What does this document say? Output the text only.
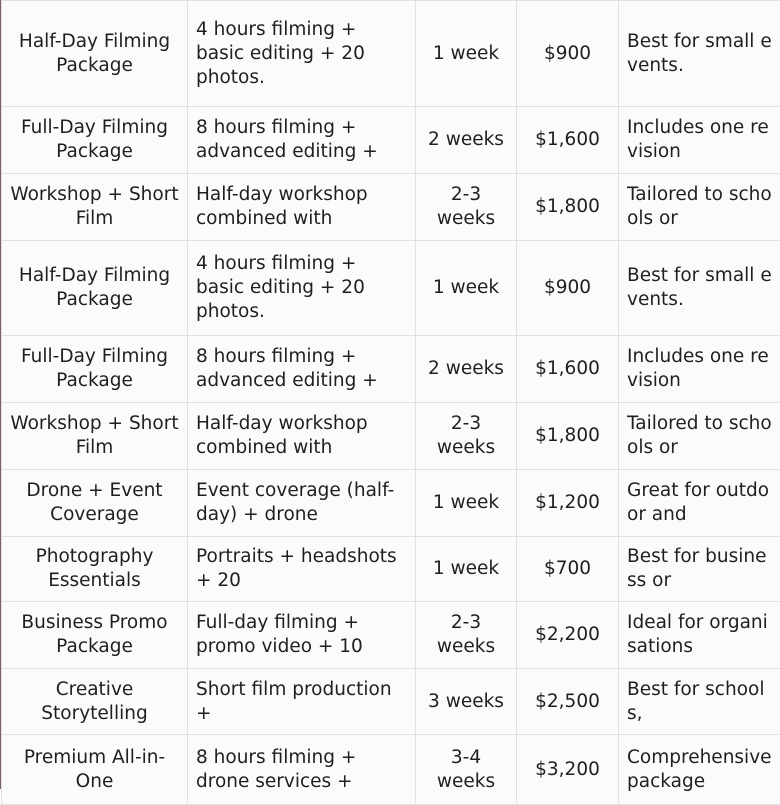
Half-Day Filming Package	4 hours filming + basic editing + 20 photos.	1 week	$900	Best for small events.

Full-Day Filming Package	8 hours filming + advanced editing +	2 weeks	$1,600	Includes one revision

Workshop + Short Film	Half-day workshop combined with	2-3 weeks	$1,800	Tailored to schools or

Half-Day Filming Package	4 hours filming + basic editing + 20 photos.	1 week	$900	Best for small events.

Full-Day Filming Package	8 hours filming + advanced editing +	2 weeks	$1,600	Includes one revision

Workshop + Short Film	Half-day workshop combined with	2-3 weeks	$1,800	Tailored to schools or

Drone + Event Coverage	Event coverage (half-day) + drone	1 week	$1,200	Great for outdoor and

Photography Essentials	Portraits + headshots + 20	1 week	$700	Best for business or

Business Promo Package	Full-day filming + promo video + 10	2-3 weeks	$2,200	Ideal for organisations

Creative Storytelling	Short film production +	3 weeks	$2,500	Best for schools,

Premium All-in-One	8 hours filming + drone services +	3-4 weeks	$3,200	Comprehensive package
